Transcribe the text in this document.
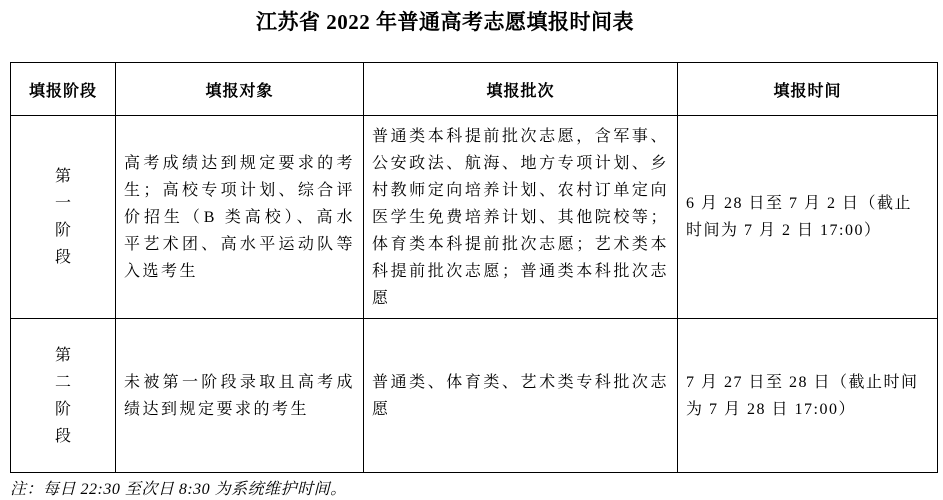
江苏省 2022 年普通高考志愿填报时间表
填报阶段	填报对象	填报批次	填报时间

第一阶段	高考成绩达到规定要求的考生；高校专项计划、综合评价招生（B 类高校）、高水平艺术团、高水平运动队等入选考生	普通类本科提前批次志愿，含军事、公安政法、航海、地方专项计划、乡村教师定向培养计划、农村订单定向医学生免费培养计划、其他院校等；体育类本科提前批次志愿；艺术类本科提前批次志愿；普通类本科批次志愿	6 月 28 日至 7 月 2 日（截止时间为 7 月 2 日 17:00）

第二阶段	未被第一阶段录取且高考成绩达到规定要求的考生	普通类、体育类、艺术类专科批次志愿	7 月 27 日至 28 日（截止时间为 7 月 28 日 17:00）
注：每日 22:30 至次日 8:30 为系统维护时间。
